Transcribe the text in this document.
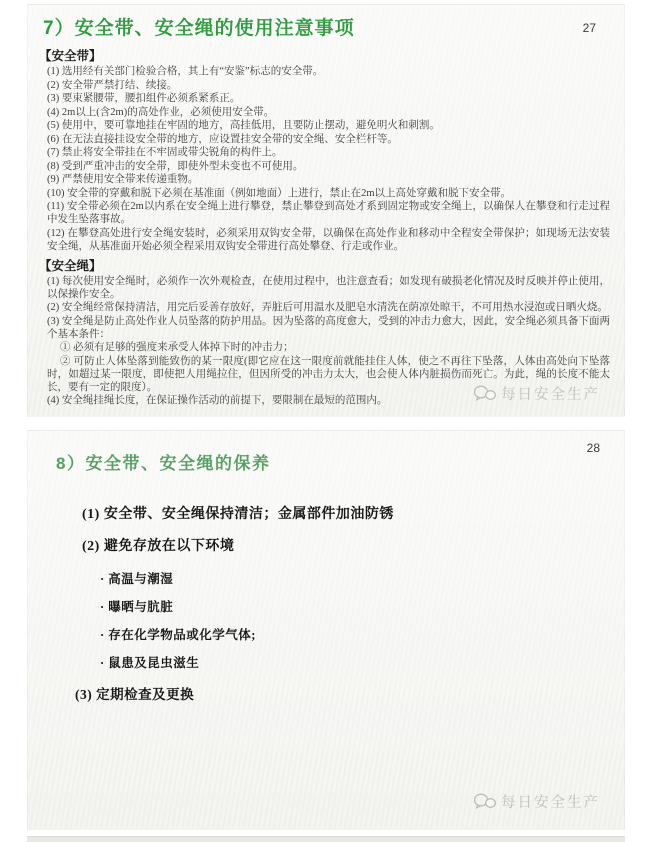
27
7）安全带、安全绳的使用注意事项
【安全带】

(1) 选用经有关部门检验合格，其上有“安鉴”标志的安全带。

(2) 安全带严禁打结、续接。

(3) 要束紧腰带，腰扣组件必须系紧系正。

(4) 2m以上(含2m)的高处作业，必须使用安全带。

(5) 使用中，要可靠地挂在牢固的地方，高挂低用，且要防止摆动，避免明火和刺割。

(6) 在无法直接挂设安全带的地方，应设置挂安全带的安全绳、安全栏杆等。

(7) 禁止将安全带挂在不牢固或带尖锐角的构件上。

(8) 受到严重冲击的安全带，即使外型未变也不可使用。

(9) 严禁使用安全带来传递重物。

(10) 安全带的穿戴和脱下必须在基准面（例如地面）上进行，禁止在2m以上高处穿戴和脱下安全带。

(11) 安全带必须在2m以内系在安全绳上进行攀登，禁止攀登到高处才系到固定物或安全绳上，以确保人在攀登和行走过程中发生坠落事故。

(12) 在攀登高处进行安全绳安装时，必须采用双钩安全带，以确保在高处作业和移动中全程安全带保护；如现场无法安装安全绳，从基准面开始必须全程采用双钩安全带进行高处攀登、行走或作业。

【安全绳】

(1) 每次使用安全绳时，必须作一次外观检查，在使用过程中，也注意查看；如发现有破损老化情况及时反映并停止使用，以保操作安全。

(2) 安全绳经常保持清洁，用完后妥善存放好，弄脏后可用温水及肥皂水清洗在荫凉处晾干，不可用热水浸泡或日晒火烧。

(3) 安全绳是防止高处作业人员坠落的防护用品。因为坠落的高度愈大，受到的冲击力愈大，因此，安全绳必须具备下面两个基本条件：

① 必须有足够的强度来承受人体掉下时的冲击力；

② 可防止人体坠落到能致伤的某一限度(即它应在这一限度前就能挂住人体，使之不再往下坠落，人体由高处向下坠落时，如超过某一限度，即使把人用绳拉住，但因所受的冲击力太大，也会使人体内脏损伤而死亡。为此，绳的长度不能太长，要有一定的限度）。

(4) 安全绳挂绳长度，在保证操作活动的前提下，要限制在最短的范围内。	每日安全生产
28
8）安全带、安全绳的保养
(1) 安全带、安全绳保持清洁；金属部件加油防锈
(2) 避免存放在以下环境
· 高温与潮湿
· 曝晒与肮脏
· 存在化学物品或化学气体;
· 鼠患及昆虫滋生
(3) 定期检查及更换
每日安全生产
